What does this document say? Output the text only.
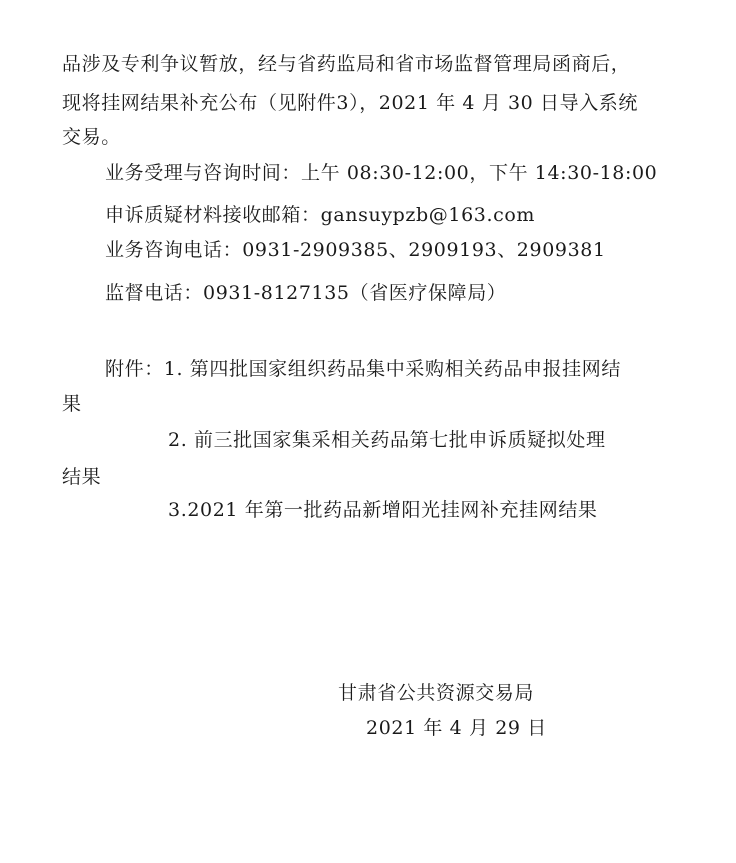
品涉及专利争议暂放，经与省药监局和省市场监督管理局函商后，
现将挂网结果补充公布（见附件3），2021 年 4 月 30 日导入系统
交易。
业务受理与咨询时间：上午 08:30-12:00，下午 14:30-18:00
申诉质疑材料接收邮箱：gansuypzb@163.com
业务咨询电话：0931-2909385、2909193、2909381
监督电话：0931-8127135（省医疗保障局）
附件：1. 第四批国家组织药品集中采购相关药品申报挂网结
果
2. 前三批国家集采相关药品第七批申诉质疑拟处理
结果
3.2021 年第一批药品新增阳光挂网补充挂网结果
甘肃省公共资源交易局
2021 年 4 月 29 日
